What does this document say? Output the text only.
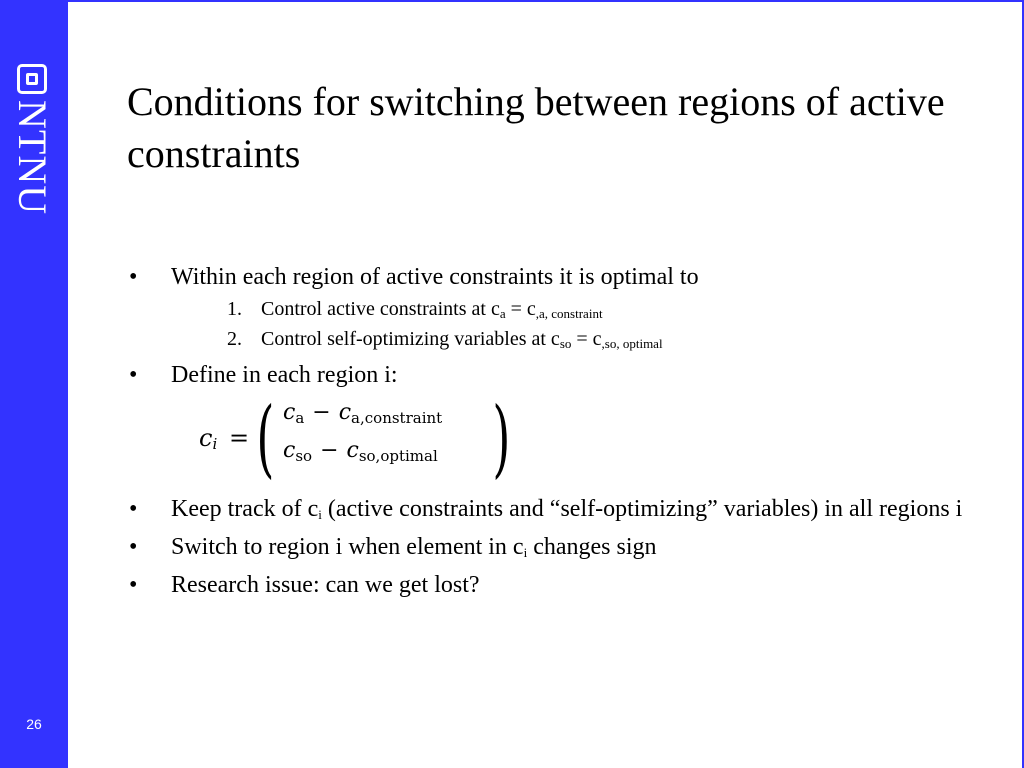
NTNU
26
Conditions for switching between regions of active constraints
• Within each region of active constraints it is optimal to
1. Control active constraints at $c_a = c_{,a, constraint}$
2. Control self-optimizing variables at $c_{so} = c_{,so, optimal}$
• Define in each region i:
$c_i$ = ( $c_a - c_{a,constraint}$
$c_{so} - c_{so,optimal}$ )
• Keep track of $c_i$ (active constraints and “self-optimizing” variables) in all regions i
• Switch to region i when element in $c_i$ changes sign
• Research issue: can we get lost?
